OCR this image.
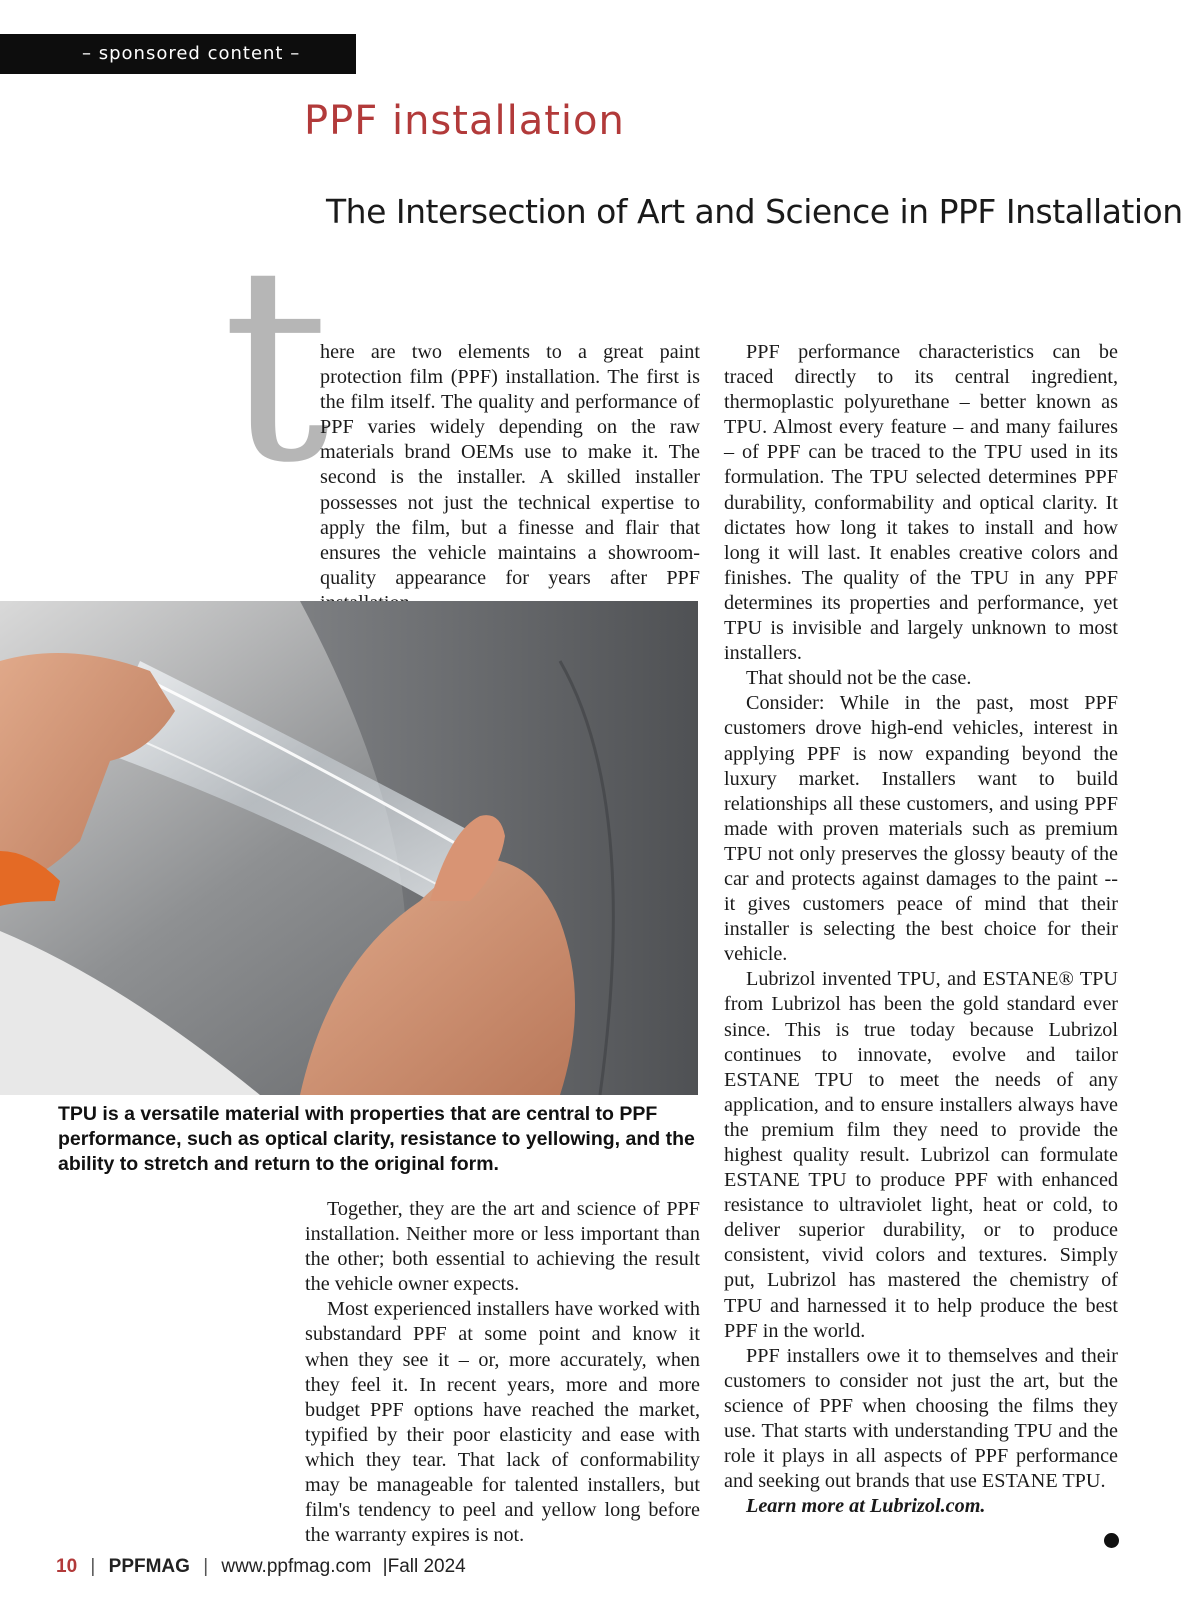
– sponsored content –
PPF installation
The Intersection of Art and Science in PPF Installation
t

here are two elements to a great paint protection film (PPF) installation. The first is the film itself. The quality and performance of PPF varies widely depending on the raw materials brand OEMs use to make it. The second is the installer. A skilled installer possesses not just the technical expertise to apply the film, but a finesse and flair that ensures the vehicle maintains a showroom-quality appearance for years after PPF

TPU is a versatile material with properties that are central to PPF performance, such as optical clarity, resistance to yellowing, and the ability to stretch and return to the original form.

Together, they are the art and science of PPF installation. Neither more or less important than the other; both essential to achieving the result the vehicle owner expects.

Most experienced installers have worked with substandard PPF at some point and know it when they see it – or, more accurately, when they feel it. In recent years, more and more budget PPF options have reached the market, typified by their poor elasticity and ease with which they tear. That lack of conformability may be manageable for talented installers, but film's tendency to peel and yellow long before the warranty expires is not.

PPF performance characteristics can be traced directly to its central ingredient, thermoplastic polyurethane – better known as TPU. Almost every feature – and many failures – of PPF can be traced to the TPU used in its formulation. The TPU selected determines PPF durability, conformability and optical clarity. It dictates how long it takes to install and how long it will last. It enables creative colors and finishes. The quality of the TPU in any PPF determines its properties and performance, yet TPU is invisible and largely unknown to most installers.

That should not be the case.

Consider: While in the past, most PPF customers drove high-end vehicles, interest in applying PPF is now expanding beyond the luxury market. Installers want to build relationships all these customers, and using PPF made with proven materials such as premium TPU not only preserves the glossy beauty of the car and protects against damages to the paint -- it gives customers peace of mind that their installer is selecting the best choice for their vehicle.

Lubrizol invented TPU, and ESTANE® TPU from Lubrizol has been the gold standard ever since. This is true today because Lubrizol continues to innovate, evolve and tailor ESTANE TPU to meet the needs of any application, and to ensure installers always have the premium film they need to provide the highest quality result. Lubrizol can formulate ESTANE TPU to produce PPF with enhanced resistance to ultraviolet light, heat or cold, to deliver superior durability, or to produce consistent, vivid colors and textures. Simply put, Lubrizol has mastered the chemistry of TPU and harnessed it to help produce the best PPF in the world.

PPF installers owe it to themselves and their customers to consider not just the art, but the science of PPF when choosing the films they use. That starts with understanding TPU and the role it plays in all aspects of PPF performance and seeking out brands that use ESTANE TPU.

Learn more at Lubrizol.com.

10 | PPFMAG | www.ppfmag.com |Fall 2024
